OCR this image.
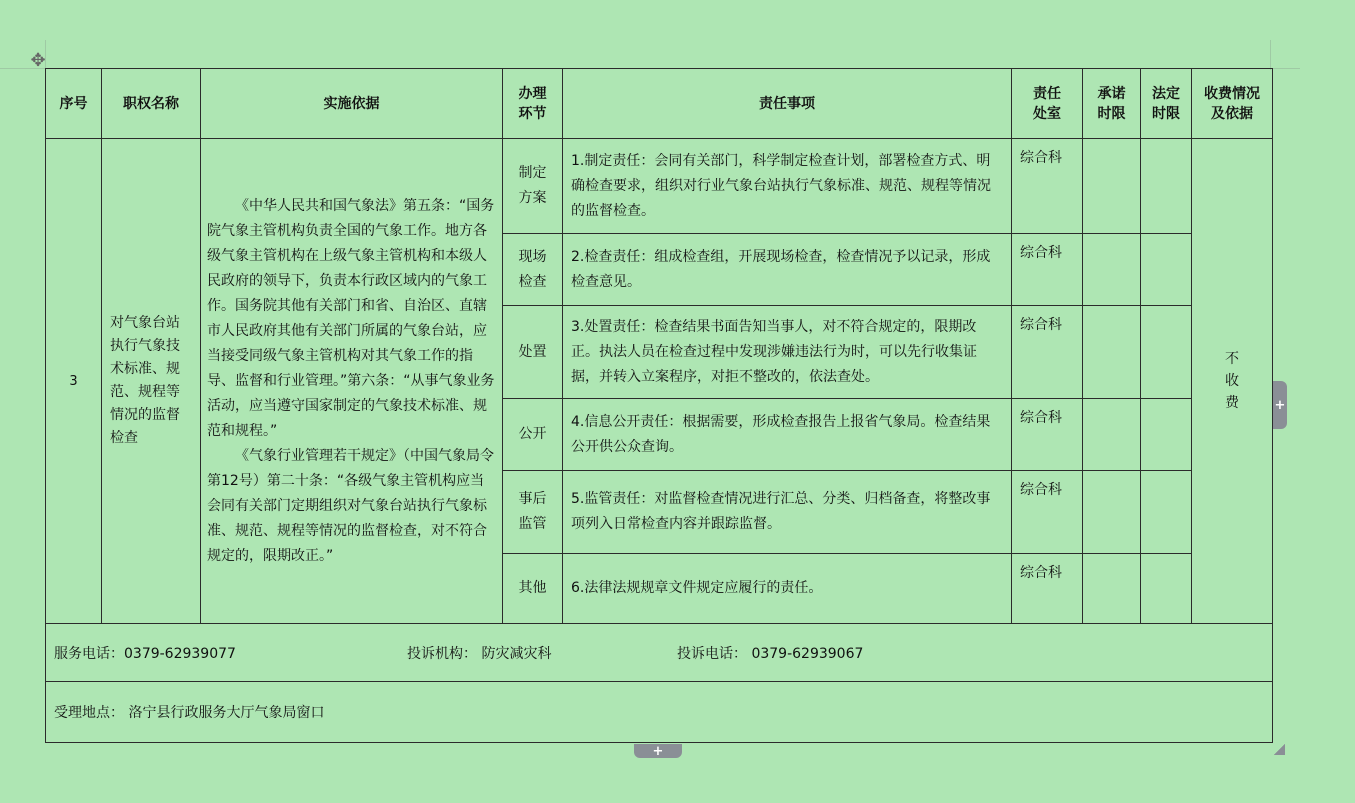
✥
序号	职权名称	实施依据	办理环节	责任事项	责任处室	承诺时限	法定时限	收费情况及依据

3	对气象台站执行气象技术标准、规范、规程等情况的监督检查	《中华人民共和国气象法》第五条：“国务院气象主管机构负责全国的气象工作。地方各级气象主管机构在上级气象主管机构和本级人民政府的领导下，负责本行政区域内的气象工作。国务院其他有关部门和省、自治区、直辖市人民政府其他有关部门所属的气象台站，应当接受同级气象主管机构对其气象工作的指导、监督和行业管理。”第六条：“从事气象业务活动，应当遵守国家制定的气象技术标准、规范和规程。”

《气象行业管理若干规定》（中国气象局令第12号）第二十条：“各级气象主管机构应当会同有关部门定期组织对气象台站执行气象标准、规范、规程等情况的监督检查，对不符合规定的，限期改正。”	制定方案	1.制定责任：会同有关部门，科学制定检查计划，部署检查方式、明确检查要求，组织对行业气象台站执行气象标准、规范、规程等情况的监督检查。	综合科			不收费

			现场检查	2.检查责任：组成检查组，开展现场检查，检查情况予以记录，形成检查意见。	综合科			

			处置	3.处置责任：检查结果书面告知当事人，对不符合规定的，限期改正。执法人员在检查过程中发现涉嫌违法行为时，可以先行收集证据，并转入立案程序，对拒不整改的，依法查处。	综合科			

			公开	4.信息公开责任：根据需要，形成检查报告上报省气象局。检查结果公开供公众查询。	综合科			

			事后监管	5.监管责任：对监督检查情况进行汇总、分类、归档备查，将整改事项列入日常检查内容并跟踪监督。	综合科			

			其他	6.法律法规规章文件规定应履行的责任。	综合科			
服务电话：0379-62939077 投诉机构： 防灾减灾科 投诉电话： 0379-62939067								
受理地点： 洛宁县行政服务大厅气象局窗口								
+
+
